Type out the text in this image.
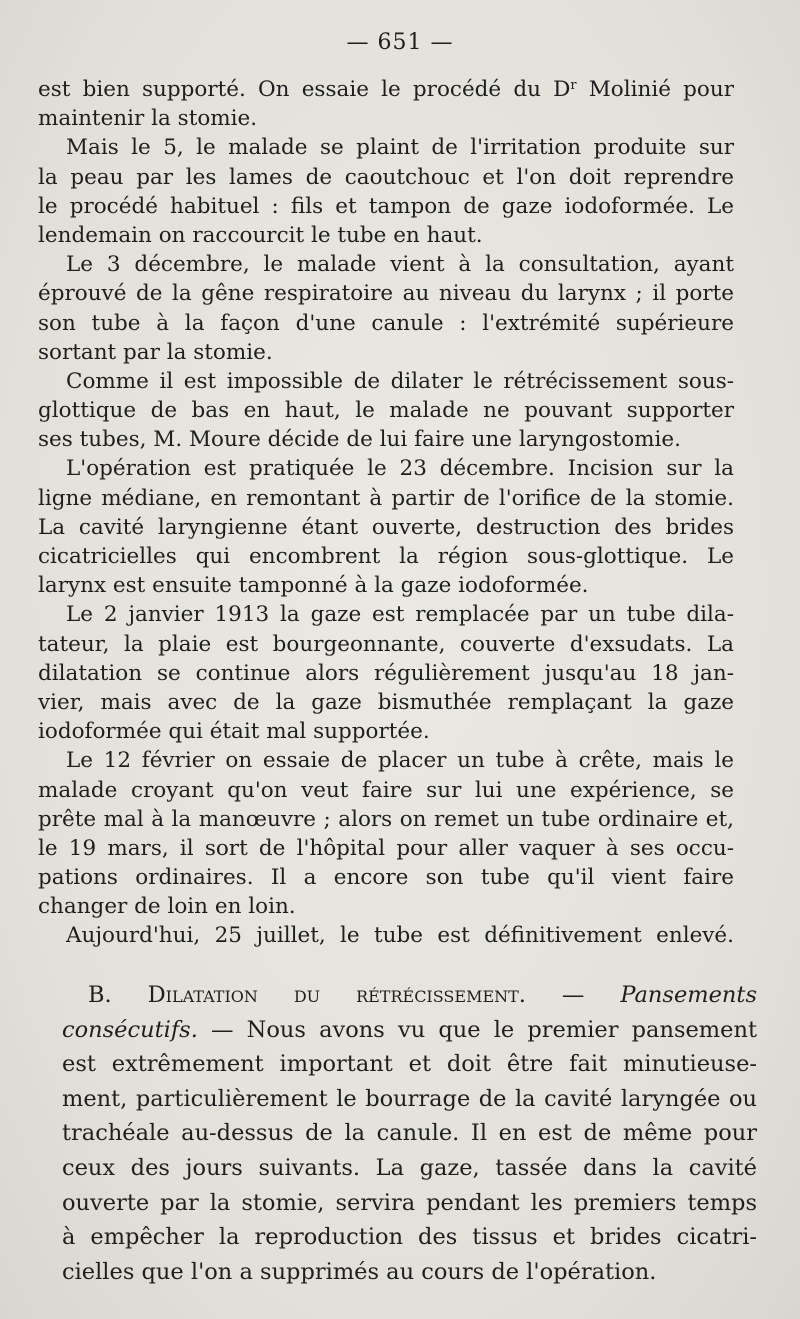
— 651 —
est bien supporté. On essaie le procédé du $D^r$ Molinié pour
maintenir la stomie.
Mais le 5, le malade se plaint de l'irritation produite sur
la peau par les lames de caoutchouc et l'on doit reprendre
le procédé habituel : fils et tampon de gaze iodoformée. Le
lendemain on raccourcit le tube en haut.
Le 3 décembre, le malade vient à la consultation, ayant
éprouvé de la gêne respiratoire au niveau du larynx ; il porte
son tube à la façon d'une canule : l'extrémité supérieure
sortant par la stomie.
Comme il est impossible de dilater le rétrécissement sous-
glottique de bas en haut, le malade ne pouvant supporter
ses tubes, M. Moure décide de lui faire une laryngostomie.
L'opération est pratiquée le 23 décembre. Incision sur la
ligne médiane, en remontant à partir de l'orifice de la stomie.
La cavité laryngienne étant ouverte, destruction des brides
cicatricielles qui encombrent la région sous-glottique. Le
larynx est ensuite tamponné à la gaze iodoformée.
Le 2 janvier 1913 la gaze est remplacée par un tube dila-
tateur, la plaie est bourgeonnante, couverte d'exsudats. La
dilatation se continue alors régulièrement jusqu'au 18 jan-
vier, mais avec de la gaze bismuthée remplaçant la gaze
iodoformée qui était mal supportée.
Le 12 février on essaie de placer un tube à crête, mais le
malade croyant qu'on veut faire sur lui une expérience, se
prête mal à la manœuvre ; alors on remet un tube ordinaire et,
le 19 mars, il sort de l'hôpital pour aller vaquer à ses occu-
pations ordinaires. Il a encore son tube qu'il vient faire
changer de loin en loin.
Aujourd'hui, 25 juillet, le tube est définitivement enlevé.
B. Dilatation du rétrécissement. — Pansements
consécutifs. — Nous avons vu que le premier pansement
est extrêmement important et doit être fait minutieuse-
ment, particulièrement le bourrage de la cavité laryngée ou
trachéale au-dessus de la canule. Il en est de même pour
ceux des jours suivants. La gaze, tassée dans la cavité
ouverte par la stomie, servira pendant les premiers temps
à empêcher la reproduction des tissus et brides cicatri-
cielles que l'on a supprimés au cours de l'opération.
